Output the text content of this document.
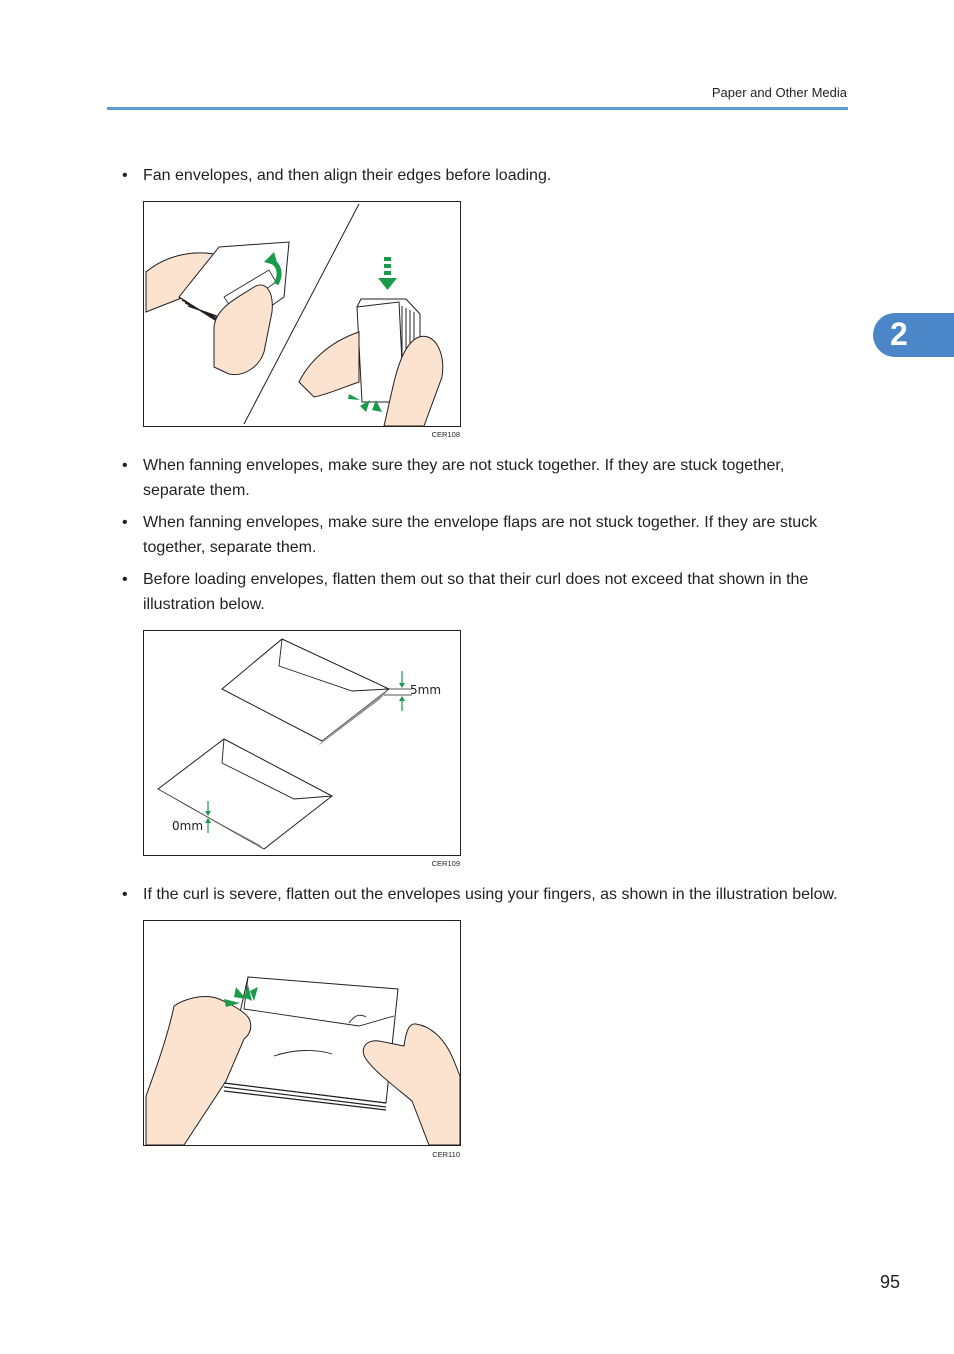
Paper and Other Media
2
• Fan envelopes, and then align their edges before loading.
CER108
• When fanning envelopes, make sure they are not stuck together. If they are stuck together, separate them.
• When fanning envelopes, make sure the envelope flaps are not stuck together. If they are stuck together, separate them.
• Before loading envelopes, flatten them out so that their curl does not exceed that shown in the illustration below.
5mm
0mm
CER109
• If the curl is severe, flatten out the envelopes using your fingers, as shown in the illustration below.
CER110
95
